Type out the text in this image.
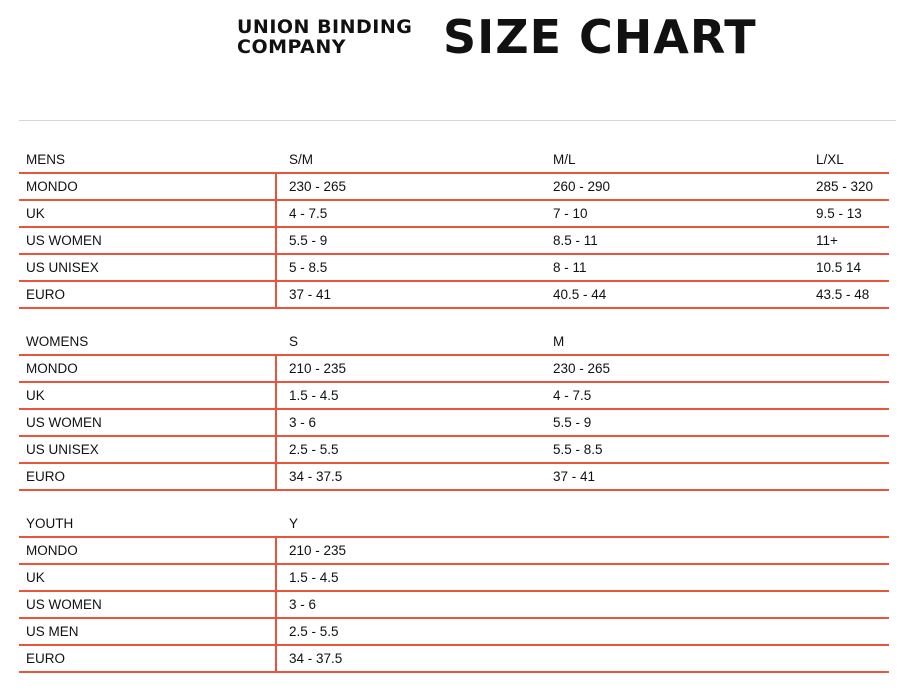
UNION BINDING
COMPANY	SIZE CHART
MENS	S/M	M/L	L/XL
MONDO	230 - 265	260 - 290	285 - 320
UK	4 - 7.5	7 - 10	9.5 - 13
US WOMEN	5.5 - 9	8.5 - 11	11+
US UNISEX	5 - 8.5	8 - 11	10.5 14
EURO	37 - 41	40.5 - 44	43.5 - 48
WOMENS	S	M
MONDO	210 - 235	230 - 265
UK	1.5 - 4.5	4 - 7.5
US WOMEN	3 - 6	5.5 - 9
US UNISEX	2.5 - 5.5	5.5 - 8.5
EURO	34 - 37.5	37 - 41
YOUTH	Y
MONDO	210 - 235
UK	1.5 - 4.5
US WOMEN	3 - 6
US MEN	2.5 - 5.5
EURO	34 - 37.5
